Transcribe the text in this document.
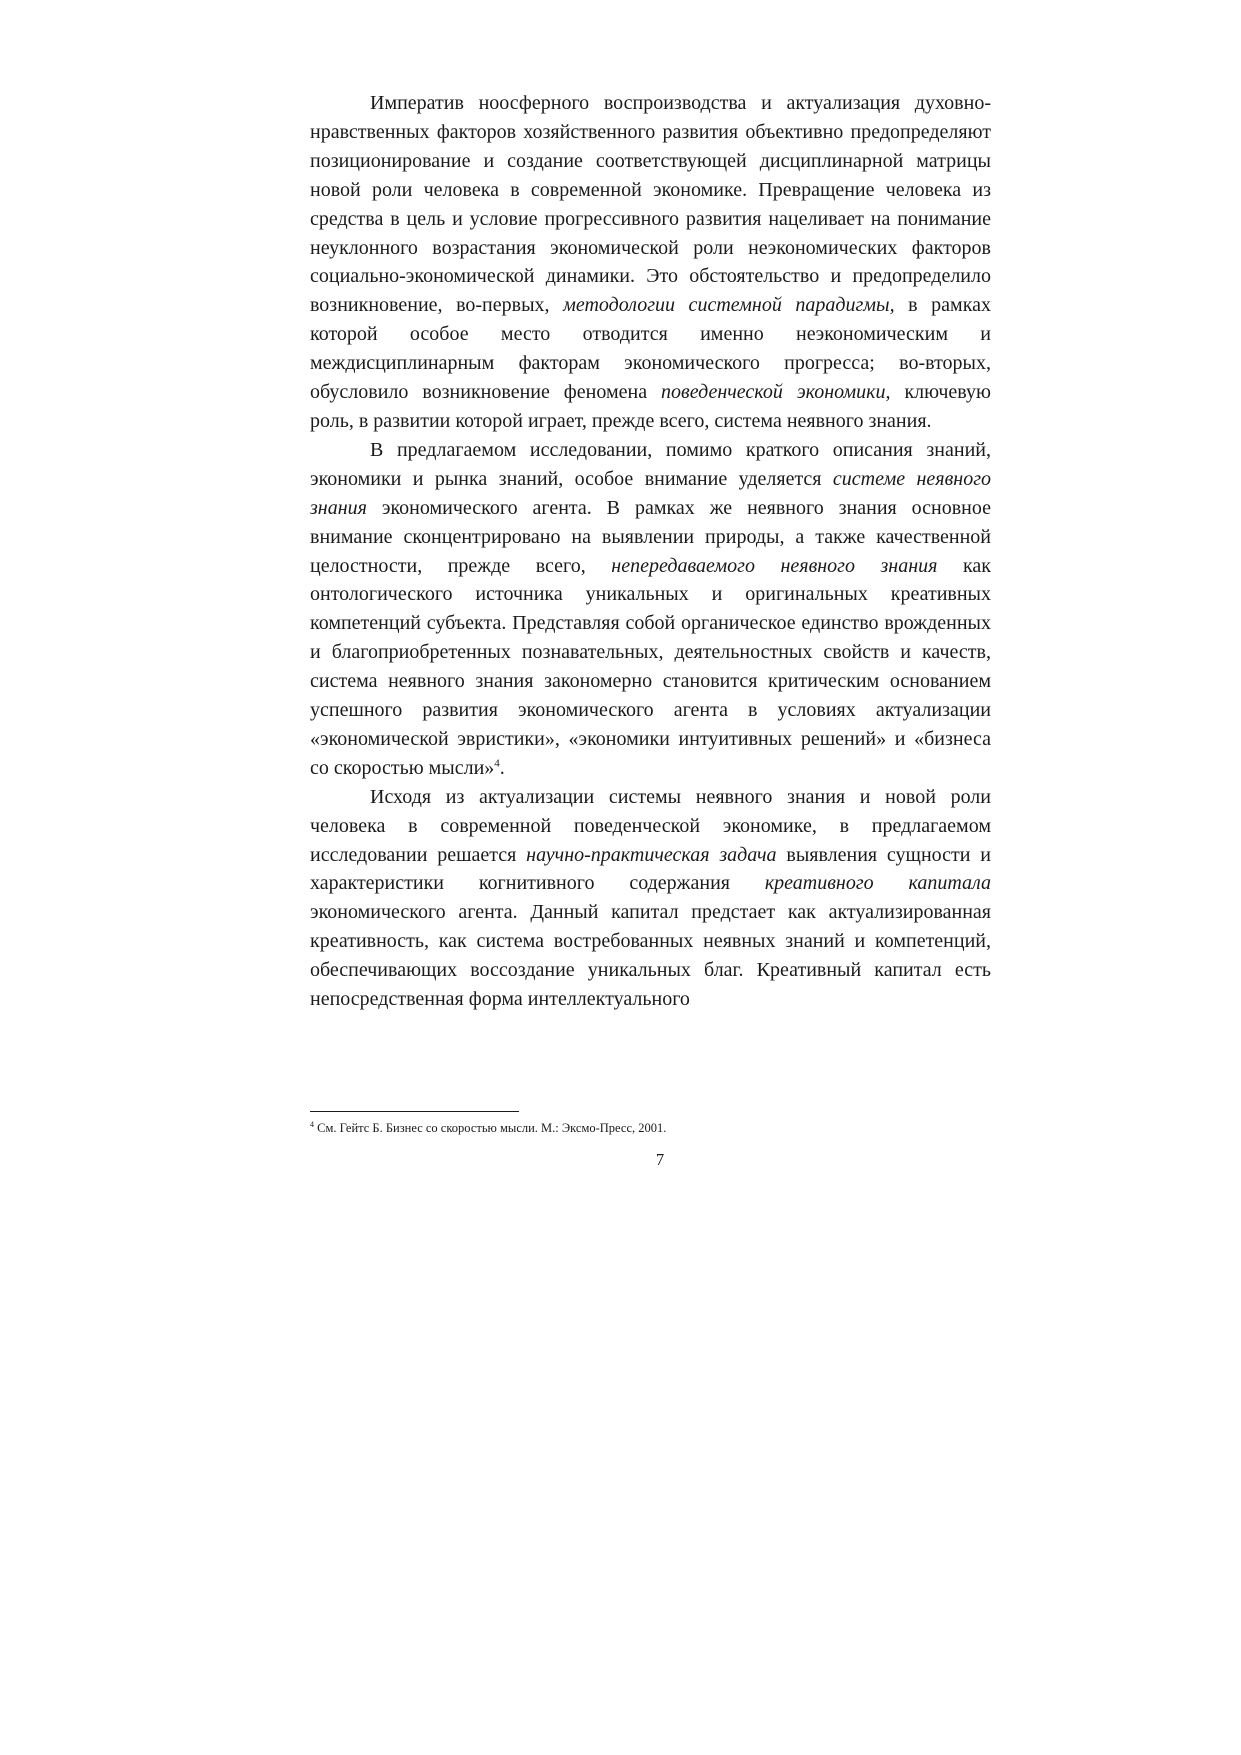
Императив ноосферного воспроизводства и актуализация духовно-нравственных факторов хозяйственного развития объективно предопределяют позиционирование и создание соответствующей дисциплинарной матрицы новой роли человека в современной экономике. Превращение человека из средства в цель и условие прогрессивного развития нацеливает на понимание неуклонного возрастания экономической роли неэкономических факторов социально-экономической динамики. Это обстоятельство и предопределило возникновение, во-первых, методологии системной парадигмы, в рамках которой особое место отводится именно неэкономическим и междисциплинарным факторам экономического прогресса; во-вторых, обусловило возникновение феномена поведенческой экономики, ключевую роль, в развитии которой играет, прежде всего, система неявного знания.

В предлагаемом исследовании, помимо краткого описания знаний, экономики и рынка знаний, особое внимание уделяется системе неявного знания экономического агента. В рамках же неявного знания основное внимание сконцентрировано на выявлении природы, а также качественной целостности, прежде всего, непередаваемого неявного знания как онтологического источника уникальных и оригинальных креативных компетенций субъекта. Представляя собой органическое единство врожденных и благоприобретенных познавательных, деятельностных свойств и качеств, система неявного знания закономерно становится критическим основанием успешного развития экономического агента в условиях актуализации «экономической эвристики», «экономики интуитивных решений» и «бизнеса со скоростью мысли»$^4$.

Исходя из актуализации системы неявного знания и новой роли человека в современной поведенческой экономике, в предлагаемом исследовании решается научно-практическая задача выявления сущности и характеристики когнитивного содержания креативного капитала экономического агента. Данный капитал предстает как актуализированная креативность, как система востребованных неявных знаний и компетенций, обеспечивающих воссоздание уникальных благ. Креативный капитал есть непосредственная форма интеллектуального

$^4$ См. Гейтс Б. Бизнес со скоростью мысли. М.: Эксмо-Пресс, 2001.
7
